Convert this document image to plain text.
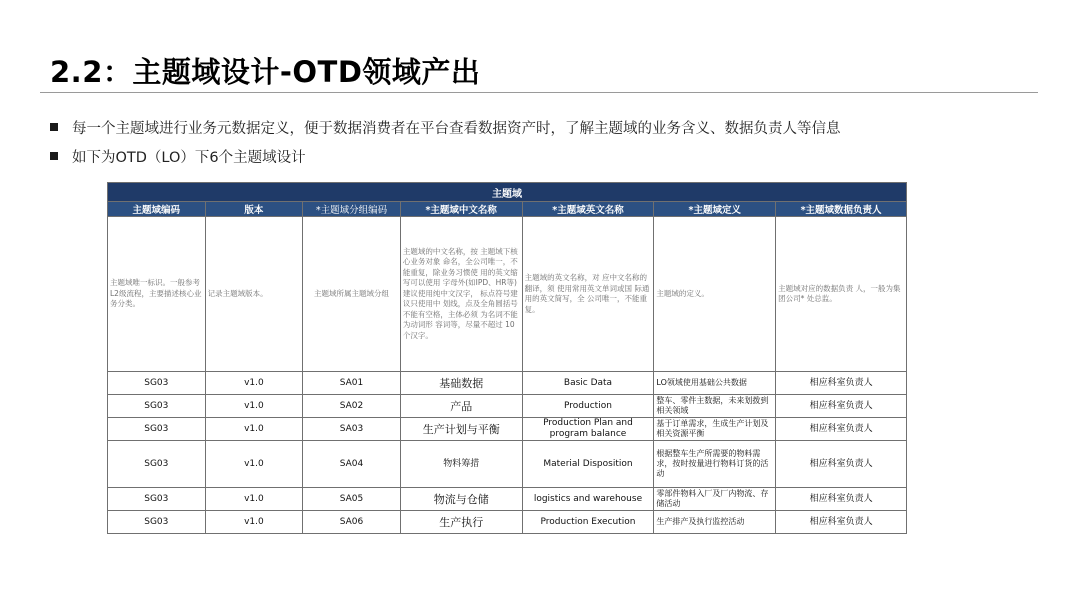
2.2：主题域设计-OTD领域产出
每一个主题域进行业务元数据定义，便于数据消费者在平台查看数据资产时，了解主题域的业务含义、数据负责人等信息
如下为OTD（LO）下6个主题域设计
主题域						
主题域编码	版本	*主题域分组编码	*主题域中文名称	*主题域英文名称	*主题域定义	*主题域数据负责人
主题域唯一标识。一般参考L2级流程，主要描述核心业务分类。	记录主题域版本。	主题域所属主题域分组	主题域的中文名称，按 主题域下核心业务对象 命名，全公司唯一，不 能重复，除业务习惯使 用的英文缩写可以使用 字母外(如IPD、HR等) 建议使用纯中文汉字， 标点符号建议只使用中 划线，点及全角圆括号 不能有空格，主体必须 为名词不能为动词形 容词等，尽量不超过 10个汉字。	主题域的英文名称，对 应中文名称的翻译，须 使用常用英文单词或国 际通用的英文简写，全 公司唯一，不能重复。	主题域的定义。	主题域对应的数据负责 人，一般为集团公司* 处总监。
SG03	v1.0	SA01	基础数据	Basic Data	LO领域使用基础公共数据	相应科室负责人
SG03	v1.0	SA02	产品	Production	整车、零件主数据，未来划拨到相关领域	相应科室负责人
SG03	v1.0	SA03	生产计划与平衡	Production Plan and program balance	基于订单需求，生成生产计划及相关资源平衡	相应科室负责人
SG03	v1.0	SA04	物料筹措	Material Disposition	根据整车生产所需要的物料需求，按时按量进行物料订货的活动	相应科室负责人
SG03	v1.0	SA05	物流与仓储	logistics and warehouse	零部件物料入厂及厂内物流、存储活动	相应科室负责人
SG03	v1.0	SA06	生产执行	Production Execution	生产排产及执行监控活动	相应科室负责人
